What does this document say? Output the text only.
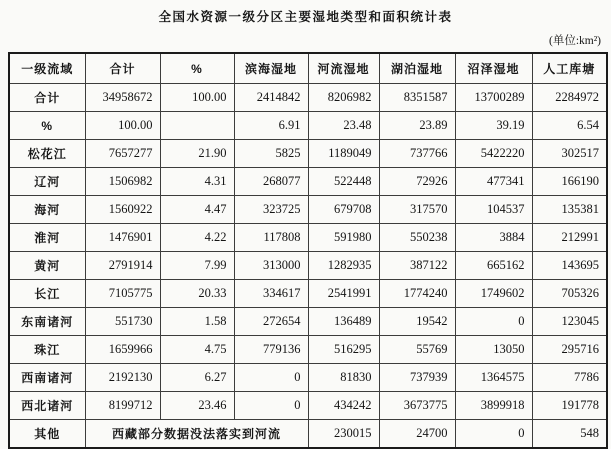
全国水资源一级分区主要湿地类型和面积统计表
(单位:km²)
一级流域	合计	%	滨海湿地	河流湿地	湖泊湿地	沼泽湿地	人工库塘
合计	34958672	100.00	2414842	8206982	8351587	13700289	2284972
%	100.00		6.91	23.48	23.89	39.19	6.54
松花江	7657277	21.90	5825	1189049	737766	5422220	302517
辽河	1506982	4.31	268077	522448	72926	477341	166190
海河	1560922	4.47	323725	679708	317570	104537	135381
淮河	1476901	4.22	117808	591980	550238	3884	212991
黄河	2791914	7.99	313000	1282935	387122	665162	143695
长江	7105775	20.33	334617	2541991	1774240	1749602	705326
东南诸河	551730	1.58	272654	136489	19542	0	123045
珠江	1659966	4.75	779136	516295	55769	13050	295716
西南诸河	2192130	6.27	0	81830	737939	1364575	7786
西北诸河	8199712	23.46	0	434242	3673775	3899918	191778
其他	西藏部分数据没法落实到河流			230015	24700	0	548
